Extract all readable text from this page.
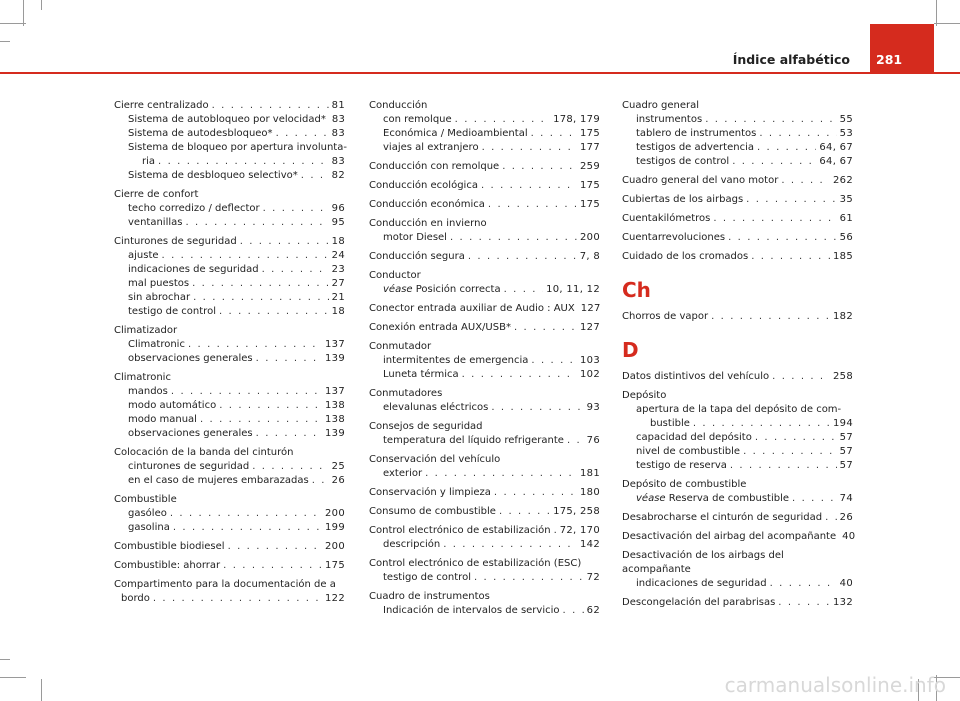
Índice alfabético 281
Cierre centralizado . . .	81
Sistema de autobloqueo por velocidad* 83
Sistema de autodesbloqueo* . . .	83
Sistema de bloqueo por apertura involunta-
ria . . .	83
Sistema de desbloqueo selectivo* . . .	82
Cierre de confort
techo corredizo / deflector . . .	96
ventanillas . . .	95
Cinturones de seguridad . . .	18
ajuste . . .	24
indicaciones de seguridad . . .	23
mal puestos . . .	27
sin abrochar . . .	21
testigo de control . . .	18
Climatizador
Climatronic . . .	137
observaciones generales . . .	139
Climatronic
mandos . . .	137
modo automático . . .	138
modo manual . . .	138
observaciones generales . . .	139
Colocación de la banda del cinturón
cinturones de seguridad . . .	25
en el caso de mujeres embarazadas . . . 26
Combustible
gasóleo . . .	200
gasolina . . .	199
Combustible biodiesel . . .	200
Combustible: ahorrar . . .	175
Compartimento para la documentación de a
bordo . . .	122
Conducción
con remolque . . .	178, 179
Económica / Medioambiental . . .	175
viajes al extranjero . . .	177
Conducción con remolque . . .	259
Conducción ecológica . . .	175
Conducción económica . . .	175
Conducción en invierno
motor Diesel . . .	200
Conducción segura . . .	7, 8
Conductor
véase Posición correcta . . .	10, 11, 12
Conector entrada auxiliar de Audio : AUX 127
Conexión entrada AUX/USB* . . .	127
Conmutador
intermitentes de emergencia . . .	103
Luneta térmica . . .	102
Conmutadores
elevalunas eléctricos . . .	93
Consejos de seguridad
temperatura del líquido refrigerante . . . 76
Conservación del vehículo
exterior . . .	181
Conservación y limpieza . . .	180
Consumo de combustible . . .	175, 258
Control electrónico de estabilización . . . 72, 170
descripción . . .	142
Control electrónico de estabilización (ESC)
testigo de control . . .	72
Cuadro de instrumentos
Indicación de intervalos de servicio . . .	62
Cuadro general
instrumentos . . .	55
tablero de instrumentos . . .	53
testigos de advertencia . . .	64, 67
testigos de control . . .	64, 67
Cuadro general del vano motor . . .	262
Cubiertas de los airbags . . .	35
Cuentakilómetros . . .	61
Cuentarrevoluciones . . .	56
Cuidado de los cromados . . .	185
Ch
Chorros de vapor . . .	182
D
Datos distintivos del vehículo . . .	258
Depósito
apertura de la tapa del depósito de com-
bustible . . .	194
capacidad del depósito . . .	57
nivel de combustible . . .	57
testigo de reserva . . .	57
Depósito de combustible
véase Reserva de combustible . . .	74
Desabrocharse el cinturón de seguridad . . . 26
Desactivación del airbag del acompañante 40
Desactivación de los airbags del acompañante
indicaciones de seguridad . . .	40
Descongelación del parabrisas . . .	132
carmanualsonline.info
